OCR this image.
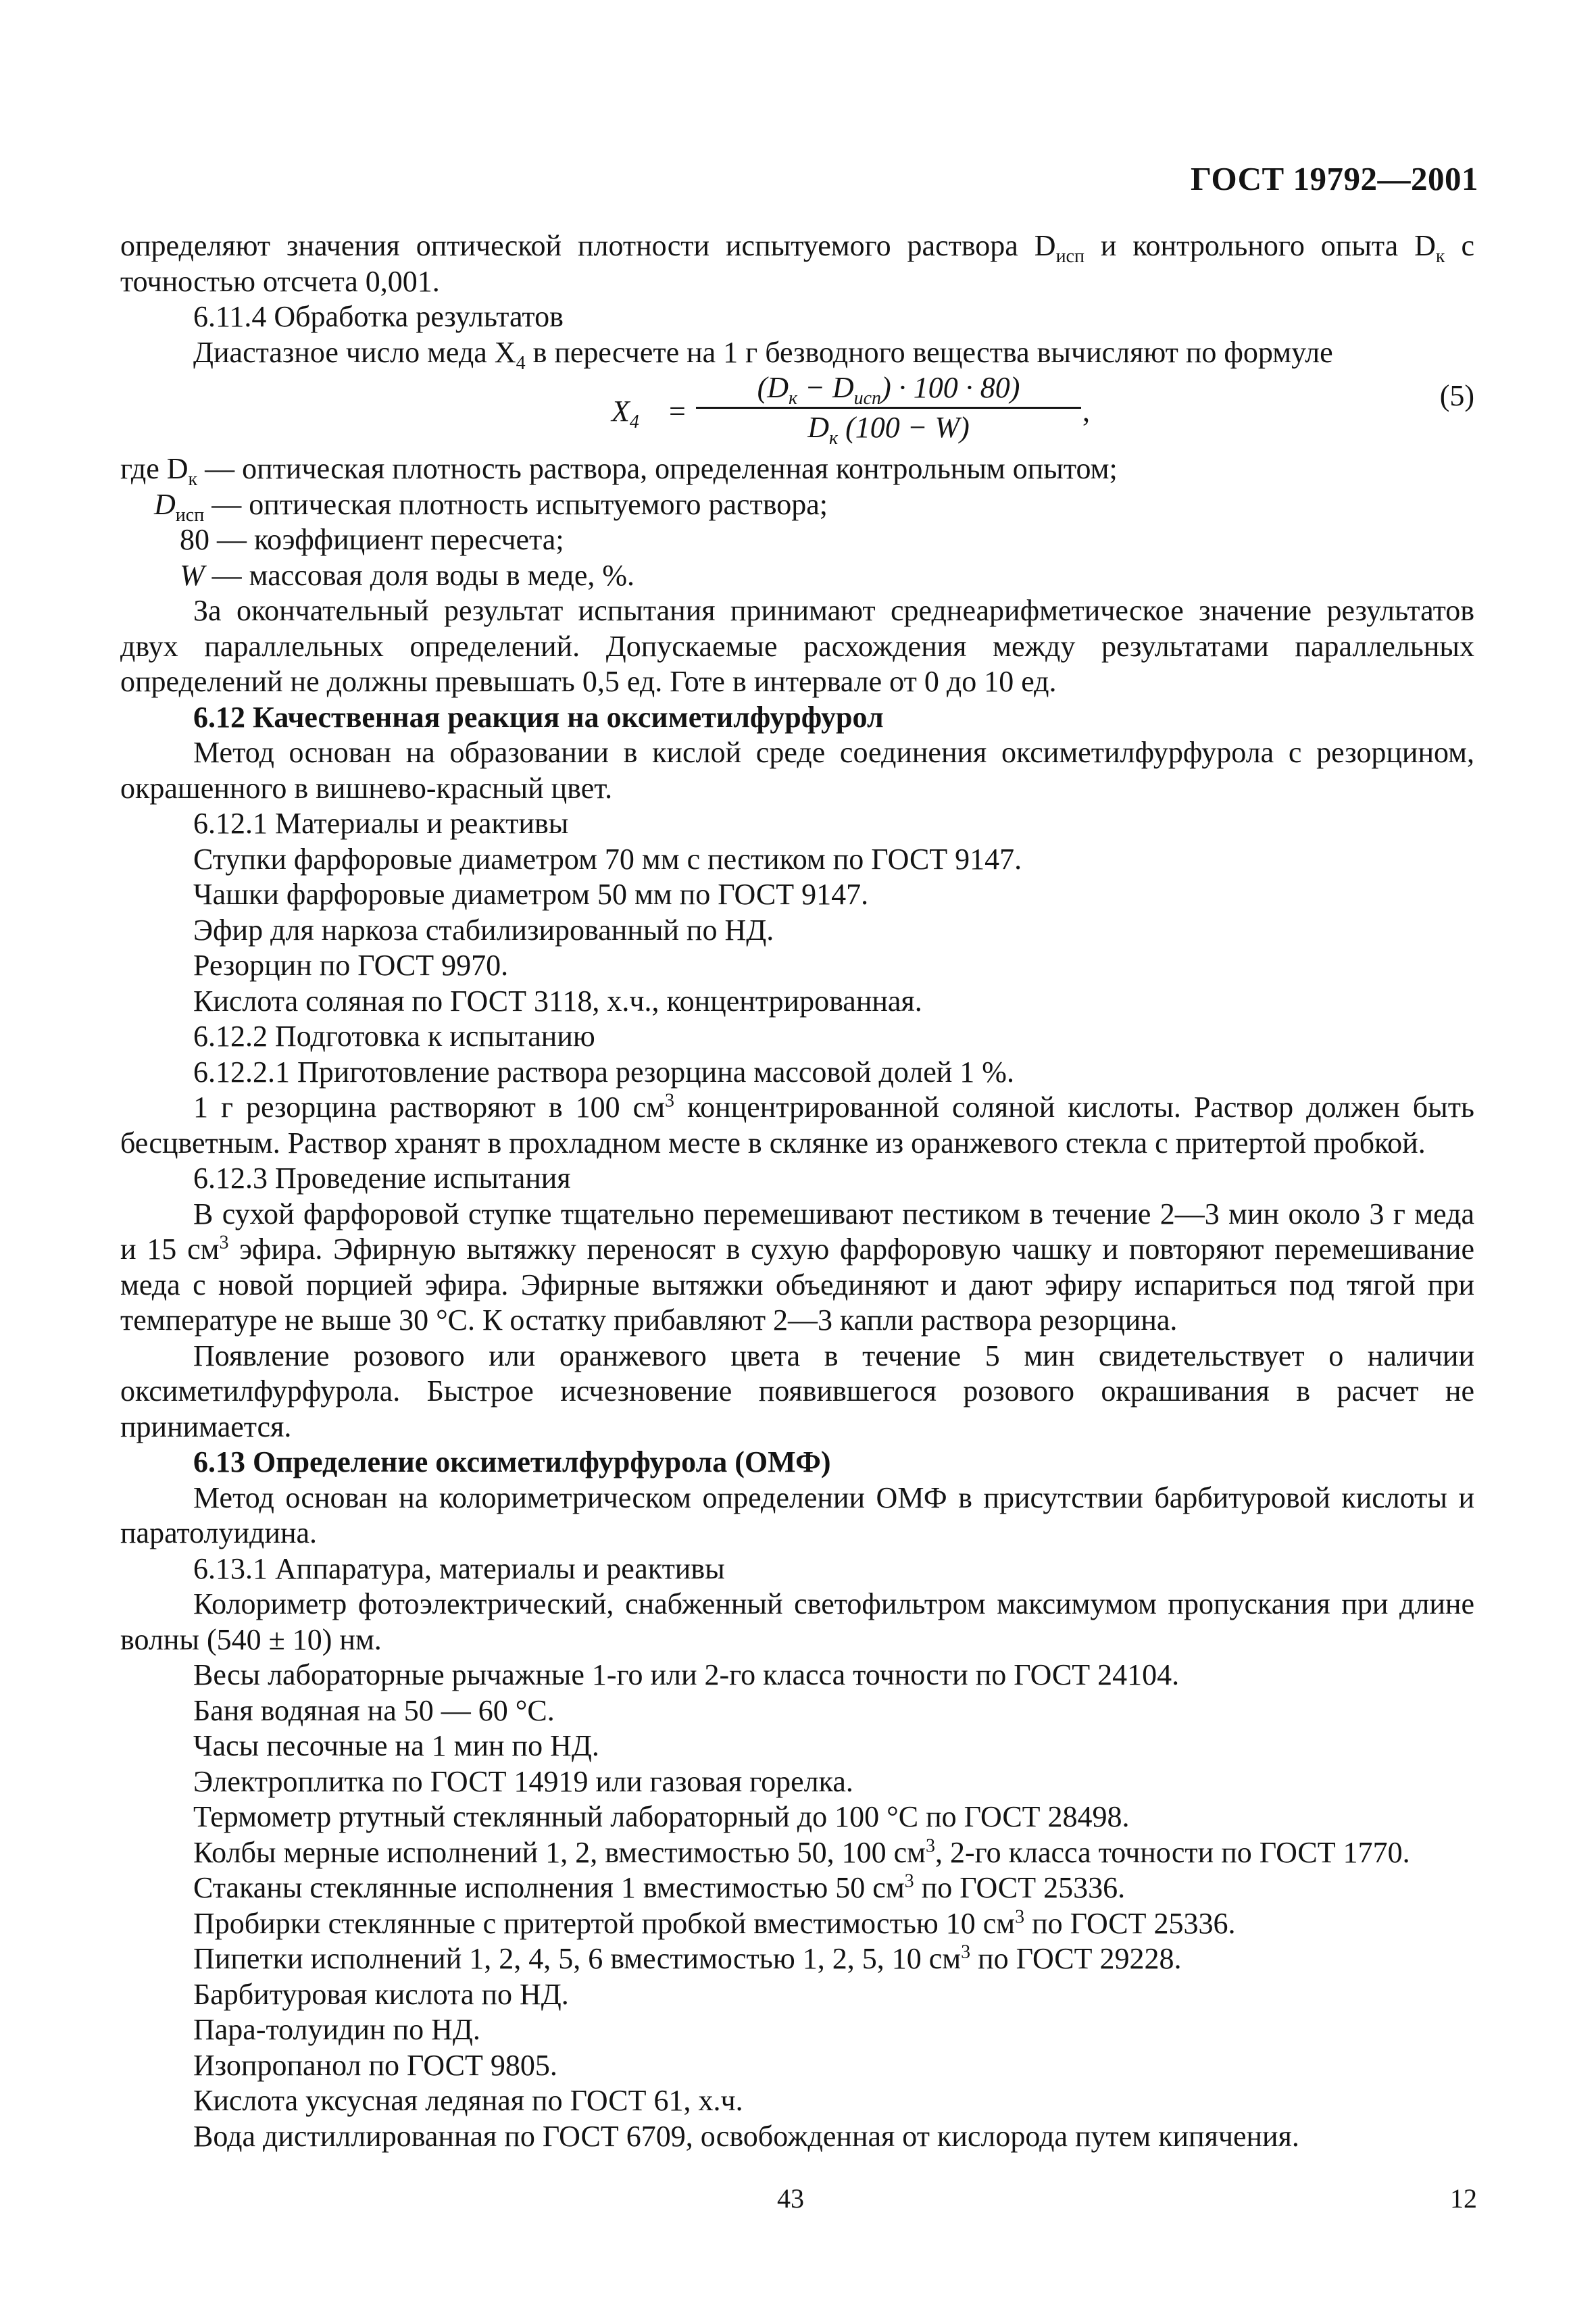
ГОСТ 19792—2001

определяют значения оптической плотности испытуемого раствора $D_{исп}$ и контрольного опыта $D_к$ с точностью отсчета 0,001.

6.11.4 Обработка результатов

Диастазное число меда $X_4$ в пересчете на 1 г безводного вещества вычисляют по формуле

$X_4$ =
$(D_к - D_{исп}) \cdot 100 \cdot 80$)
$D_к$ (100 − W)	,	(5)

где $D_к$ — оптическая плотность раствора, определенная контрольным опытом;

$D_{исп}$ — оптическая плотность испытуемого раствора;

80 — коэффициент пересчета;

W — массовая доля воды в меде, %.

За окончательный результат испытания принимают среднеарифметическое значение результатов двух параллельных определений. Допускаемые расхождения между результатами параллельных определений не должны превышать 0,5 ед. Готе в интервале от 0 до 10 ед.

6.12 Качественная реакция на оксиметилфурфурол

Метод основан на образовании в кислой среде соединения оксиметилфурфурола с резорцином, окрашенного в вишнево-красный цвет.

6.12.1 Материалы и реактивы

Ступки фарфоровые диаметром 70 мм с пестиком по ГОСТ 9147.

Чашки фарфоровые диаметром 50 мм по ГОСТ 9147.

Эфир для наркоза стабилизированный по НД.

Резорцин по ГОСТ 9970.

Кислота соляная по ГОСТ 3118, х.ч., концентрированная.

6.12.2 Подготовка к испытанию

6.12.2.1 Приготовление раствора резорцина массовой долей 1 %.

1 г резорцина растворяют в 100 $см^3$ концентрированной соляной кислоты. Раствор должен быть бесцветным. Раствор хранят в прохладном месте в склянке из оранжевого стекла с притертой пробкой.

6.12.3 Проведение испытания

В сухой фарфоровой ступке тщательно перемешивают пестиком в течение 2—3 мин около 3 г меда и 15 $см^3$ эфира. Эфирную вытяжку переносят в сухую фарфоровую чашку и повторяют перемешивание меда с новой порцией эфира. Эфирные вытяжки объединяют и дают эфиру испариться под тягой при температуре не выше 30 °С. К остатку прибавляют 2—3 капли раствора резорцина.

Появление розового или оранжевого цвета в течение 5 мин свидетельствует о наличии оксиметилфурфурола. Быстрое исчезновение появившегося розового окрашивания в расчет не принимается.

6.13 Определение оксиметилфурфурола (ОМФ)

Метод основан на колориметрическом определении ОМФ в присутствии барбитуровой кислоты и паратолуидина.

6.13.1 Аппаратура, материалы и реактивы

Колориметр фотоэлектрический, снабженный светофильтром максимумом пропускания при длине волны (540 ± 10) нм.

Весы лабораторные рычажные 1-го или 2-го класса точности по ГОСТ 24104.

Баня водяная на 50 — 60 °С.

Часы песочные на 1 мин по НД.

Электроплитка по ГОСТ 14919 или газовая горелка.

Термометр ртутный стеклянный лабораторный до 100 °С по ГОСТ 28498.

Колбы мерные исполнений 1, 2, вместимостью 50, 100 $см^3$, 2-го класса точности по ГОСТ 1770.

Стаканы стеклянные исполнения 1 вместимостью 50 $см^3$ по ГОСТ 25336.

Пробирки стеклянные с притертой пробкой вместимостью 10 $см^3$ по ГОСТ 25336.

Пипетки исполнений 1, 2, 4, 5, 6 вместимостью 1, 2, 5, 10 $см^3$ по ГОСТ 29228.

Барбитуровая кислота по НД.

Пара-толуидин по НД.

Изопропанол по ГОСТ 9805.

Кислота уксусная ледяная по ГОСТ 61, х.ч.

Вода дистиллированная по ГОСТ 6709, освобожденная от кислорода путем кипячения.

43	12
